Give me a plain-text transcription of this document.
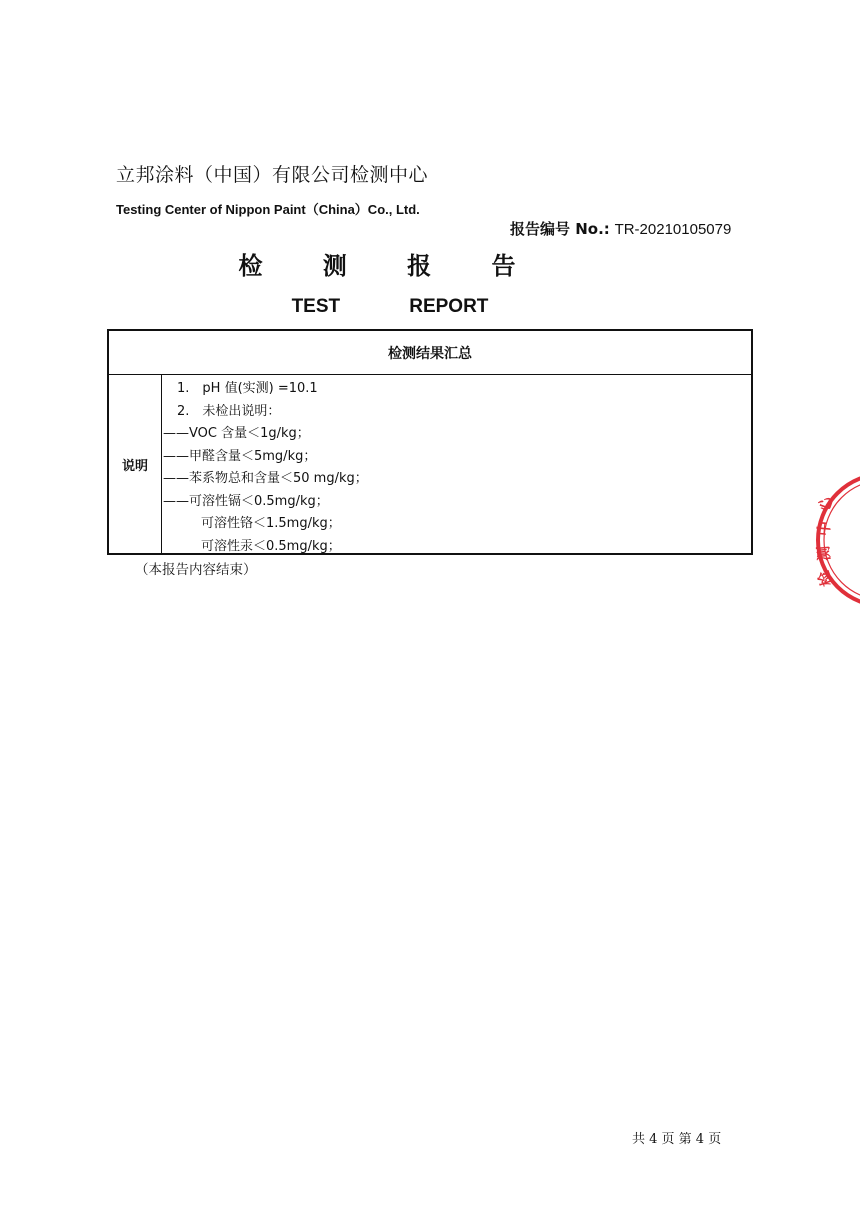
立邦涂料（中国）有限公司检测中心
Testing Center of Nippon Paint（China）Co., Ltd.
报告编号 No.: TR-20210105079
检 测 报 告
TEST    REPORT
检测结果汇总
说明
1.　pH 值(实测) =10.1
2.　未检出说明：
——VOC 含量＜1g/kg；
——甲醛含量＜5mg/kg；
——苯系物总和含量＜50 mg/kg；
——可溶性镉＜0.5mg/kg；
可溶性铬＜1.5mg/kg；
可溶性汞＜0.5mg/kg；
（本报告内容结束）
共 4 页 第 4 页
心
中
测
检
